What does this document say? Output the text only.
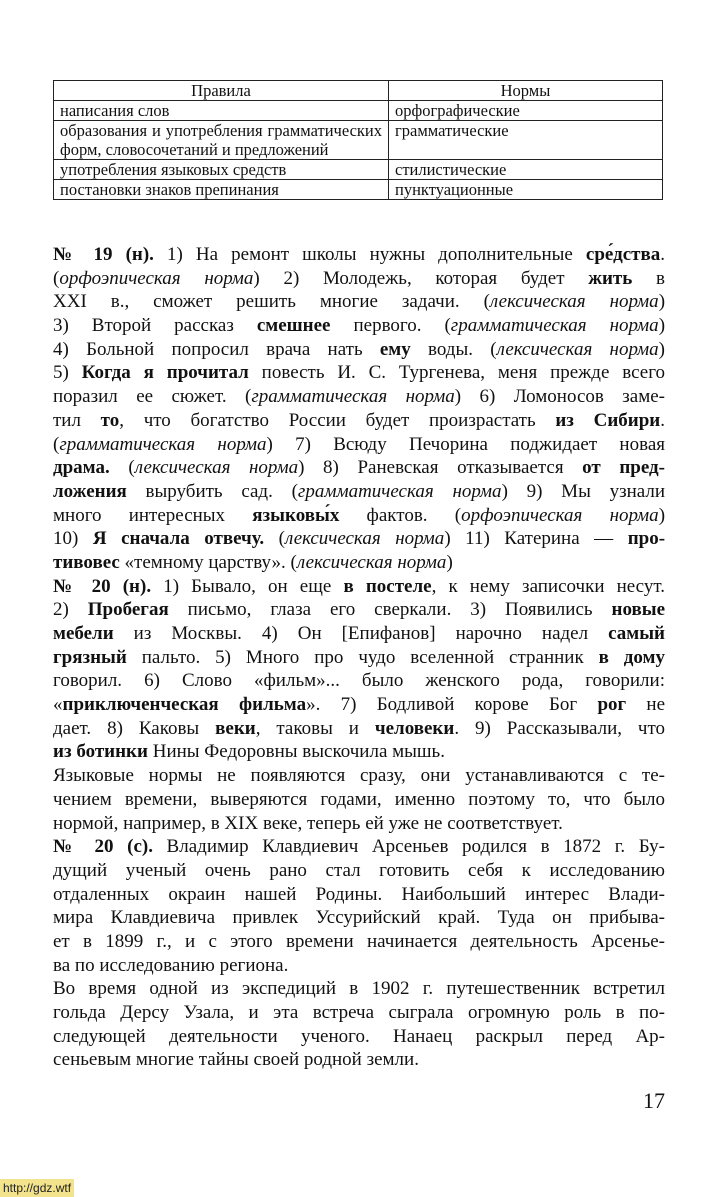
Правила	Нормы
написания слов	орфографические
образования и употребления грамматических форм, словосочетаний и предложений	грамматические
употребления языковых средств	стилистические
постановки знаков препинания	пунктуационные
№ 19 (н). 1) На ремонт школы нужны дополнительные сре́дства.
(орфоэпическая норма) 2) Молодежь, которая будет жить в
XXI в., сможет решить многие задачи. (лексическая норма)
3) Второй рассказ смешнее первого. (грамматическая норма)
4) Больной попросил врача нать ему воды. (лексическая норма)
5) Когда я прочитал повесть И. С. Тургенева, меня прежде всего
поразил ее сюжет. (грамматическая норма) 6) Ломоносов заме-
тил то, что богатство России будет произрастать из Сибири.
(грамматическая норма) 7) Всюду Печорина поджидает новая
драма. (лексическая норма) 8) Раневская отказывается от пред-
ложения вырубить сад. (грамматическая норма) 9) Мы узнали
много интересных языковы́х фактов. (орфоэпическая норма)
10) Я сначала отвечу. (лексическая норма) 11) Катерина — про-
тивовес «темному царству». (лексическая норма)
№ 20 (н). 1) Бывало, он еще в постеле, к нему записочки несут.
2) Пробегая письмо, глаза его сверкали. 3) Появились новые
мебели из Москвы. 4) Он [Епифанов] нарочно надел самый
грязный пальто. 5) Много про чудо вселенной странник в дому
говорил. 6) Слово «фильм»... было женского рода, говорили:
«приключенческая фильма». 7) Бодливой корове Бог рог не
дает. 8) Каковы веки, таковы и человеки. 9) Рассказывали, что
из ботинки Нины Федоровны выскочила мышь.
Языковые нормы не появляются сразу, они устанавливаются с те-
чением времени, выверяются годами, именно поэтому то, что было
нормой, например, в XIX веке, теперь ей уже не соответствует.
№ 20 (с). Владимир Клавдиевич Арсеньев родился в 1872 г. Бу-
дущий ученый очень рано стал готовить себя к исследованию
отдаленных окраин нашей Родины. Наибольший интерес Влади-
мира Клавдиевича привлек Уссурийский край. Туда он прибыва-
ет в 1899 г., и с этого времени начинается деятельность Арсенье-
ва по исследованию региона.
Во время одной из экспедиций в 1902 г. путешественник встретил
гольда Дерсу Узала, и эта встреча сыграла огромную роль в по-
следующей деятельности ученого. Нанаец раскрыл перед Ар-
сеньевым многие тайны своей родной земли.
17
http://gdz.wtf
